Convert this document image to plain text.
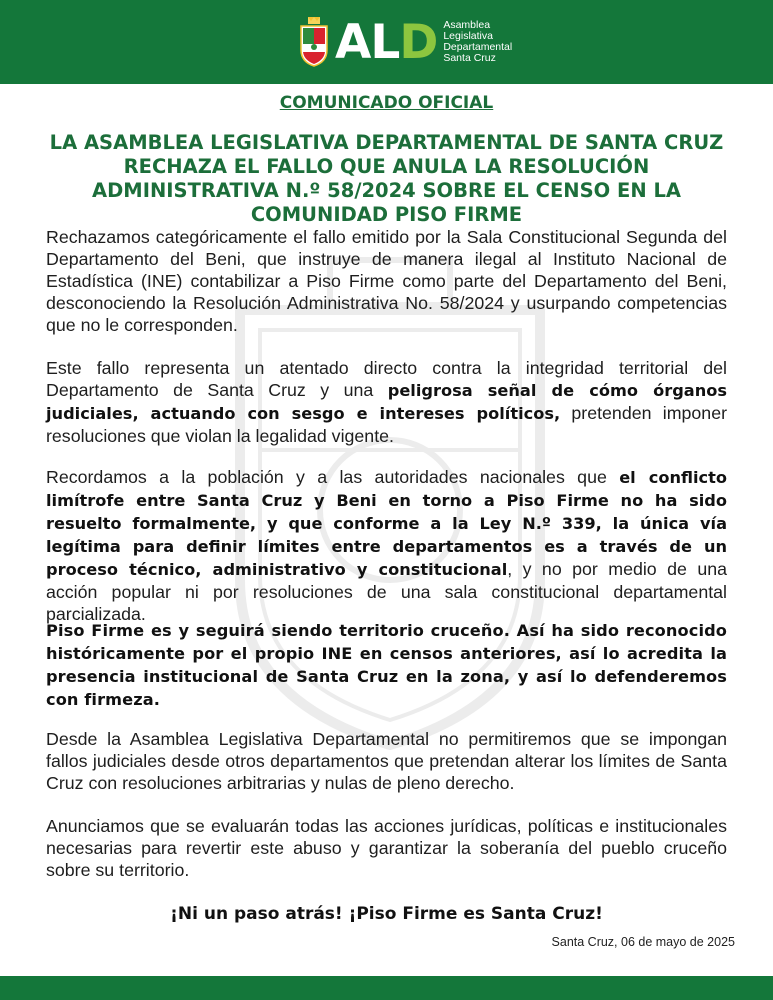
ALD Asamblea
Legislativa
Departamental
Santa Cruz
COMUNICADO OFICIAL
LA ASAMBLEA LEGISLATIVA DEPARTAMENTAL DE SANTA CRUZ RECHAZA EL FALLO QUE ANULA LA RESOLUCIÓN ADMINISTRATIVA N.º 58/2024 SOBRE EL CENSO EN LA COMUNIDAD PISO FIRME

Rechazamos categóricamente el fallo emitido por la Sala Constitucional Segunda del Departamento del Beni, que instruye de manera ilegal al Instituto Nacional de Estadística (INE) contabilizar a Piso Firme como parte del Departamento del Beni, desconociendo la Resolución Administrativa No. 58/2024 y usurpando competencias que no le corresponden.

Este fallo representa un atentado directo contra la integridad territorial del Departamento de Santa Cruz y una peligrosa señal de cómo órganos judiciales, actuando con sesgo e intereses políticos, pretenden imponer resoluciones que violan la legalidad vigente.

Recordamos a la población y a las autoridades nacionales que el conflicto limítrofe entre Santa Cruz y Beni en torno a Piso Firme no ha sido resuelto formalmente, y que conforme a la Ley N.º 339, la única vía legítima para definir límites entre departamentos es a través de un proceso técnico, administrativo y constitucional, y no por medio de una acción popular ni por resoluciones de una sala constitucional departamental parcializada.

Piso Firme es y seguirá siendo territorio cruceño. Así ha sido reconocido históricamente por el propio INE en censos anteriores, así lo acredita la presencia institucional de Santa Cruz en la zona, y así lo defenderemos con firmeza.

Desde la Asamblea Legislativa Departamental no permitiremos que se impongan fallos judiciales desde otros departamentos que pretendan alterar los límites de Santa Cruz con resoluciones arbitrarias y nulas de pleno derecho.

Anunciamos que se evaluarán todas las acciones jurídicas, políticas e institucionales necesarias para revertir este abuso y garantizar la soberanía del pueblo cruceño sobre su territorio.

¡Ni un paso atrás! ¡Piso Firme es Santa Cruz!
Santa Cruz, 06 de mayo de 2025
